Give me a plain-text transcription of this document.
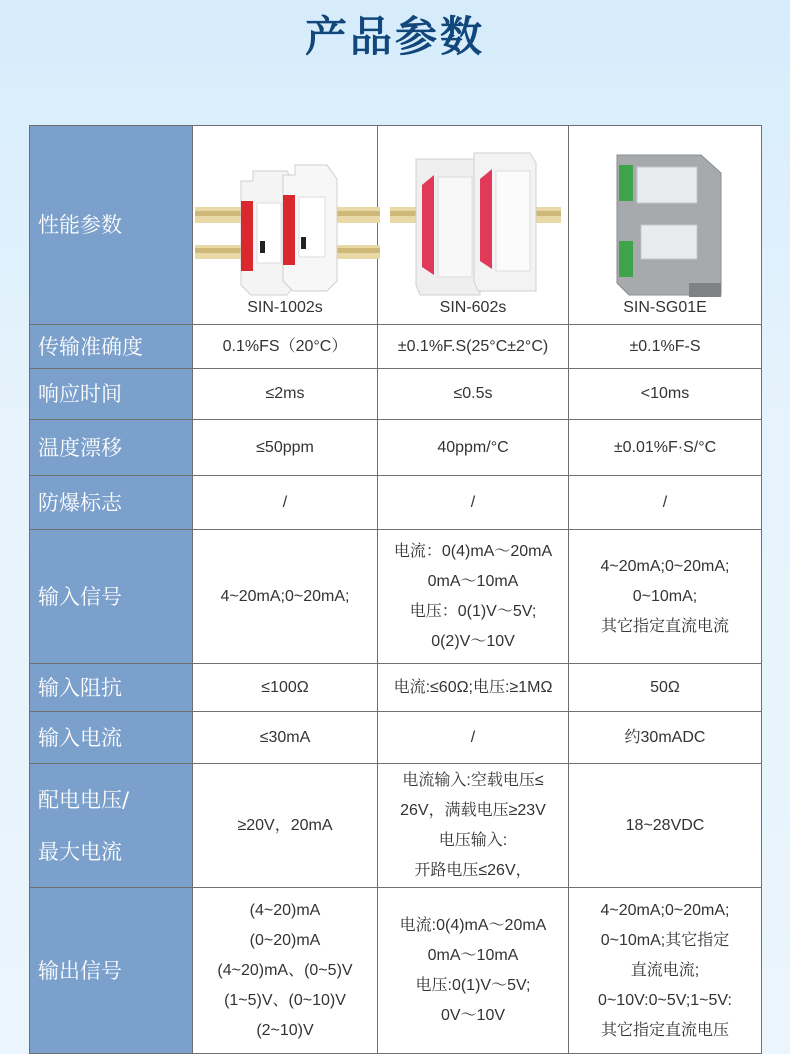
产品参数
性能参数	SIN-1002s	SIN-602s	SIN-SG01E

传输准确度	0.1%FS（20°C）	±0.1%F.S(25°C±2°C)	±0.1%F-S

响应时间	≤2ms	≤0.5s	<10ms

温度漂移	≤50ppm	40ppm/°C	±0.01%F·S/°C

防爆标志	/	/	/

输入信号	4~20mA;0~20mA;	电流：0(4)mA～20mA
0mA～10mA
电压：0(1)V～5V;
0(2)V～10V	4~20mA;0~20mA;
0~10mA;
其它指定直流电流

输入阻抗	≤100Ω	电流:≤60Ω;电压:≥1MΩ	50Ω

输入电流	≤30mA	/	约30mADC

配电电压/
最大电流	≥20V，20mA	电流输入:空载电压≤
26V，满载电压≥23V
电压输入:
开路电压≤26V，	18~28VDC

输出信号	(4~20)mA
(0~20)mA
(4~20)mA、(0~5)V
(1~5)V、(0~10)V
(2~10)V	电流:0(4)mA～20mA
0mA～10mA
电压:0(1)V～5V;
0V～10V	4~20mA;0~20mA;
0~10mA;其它指定
直流电流;
0~10V:0~5V;1~5V:
其它指定直流电压
